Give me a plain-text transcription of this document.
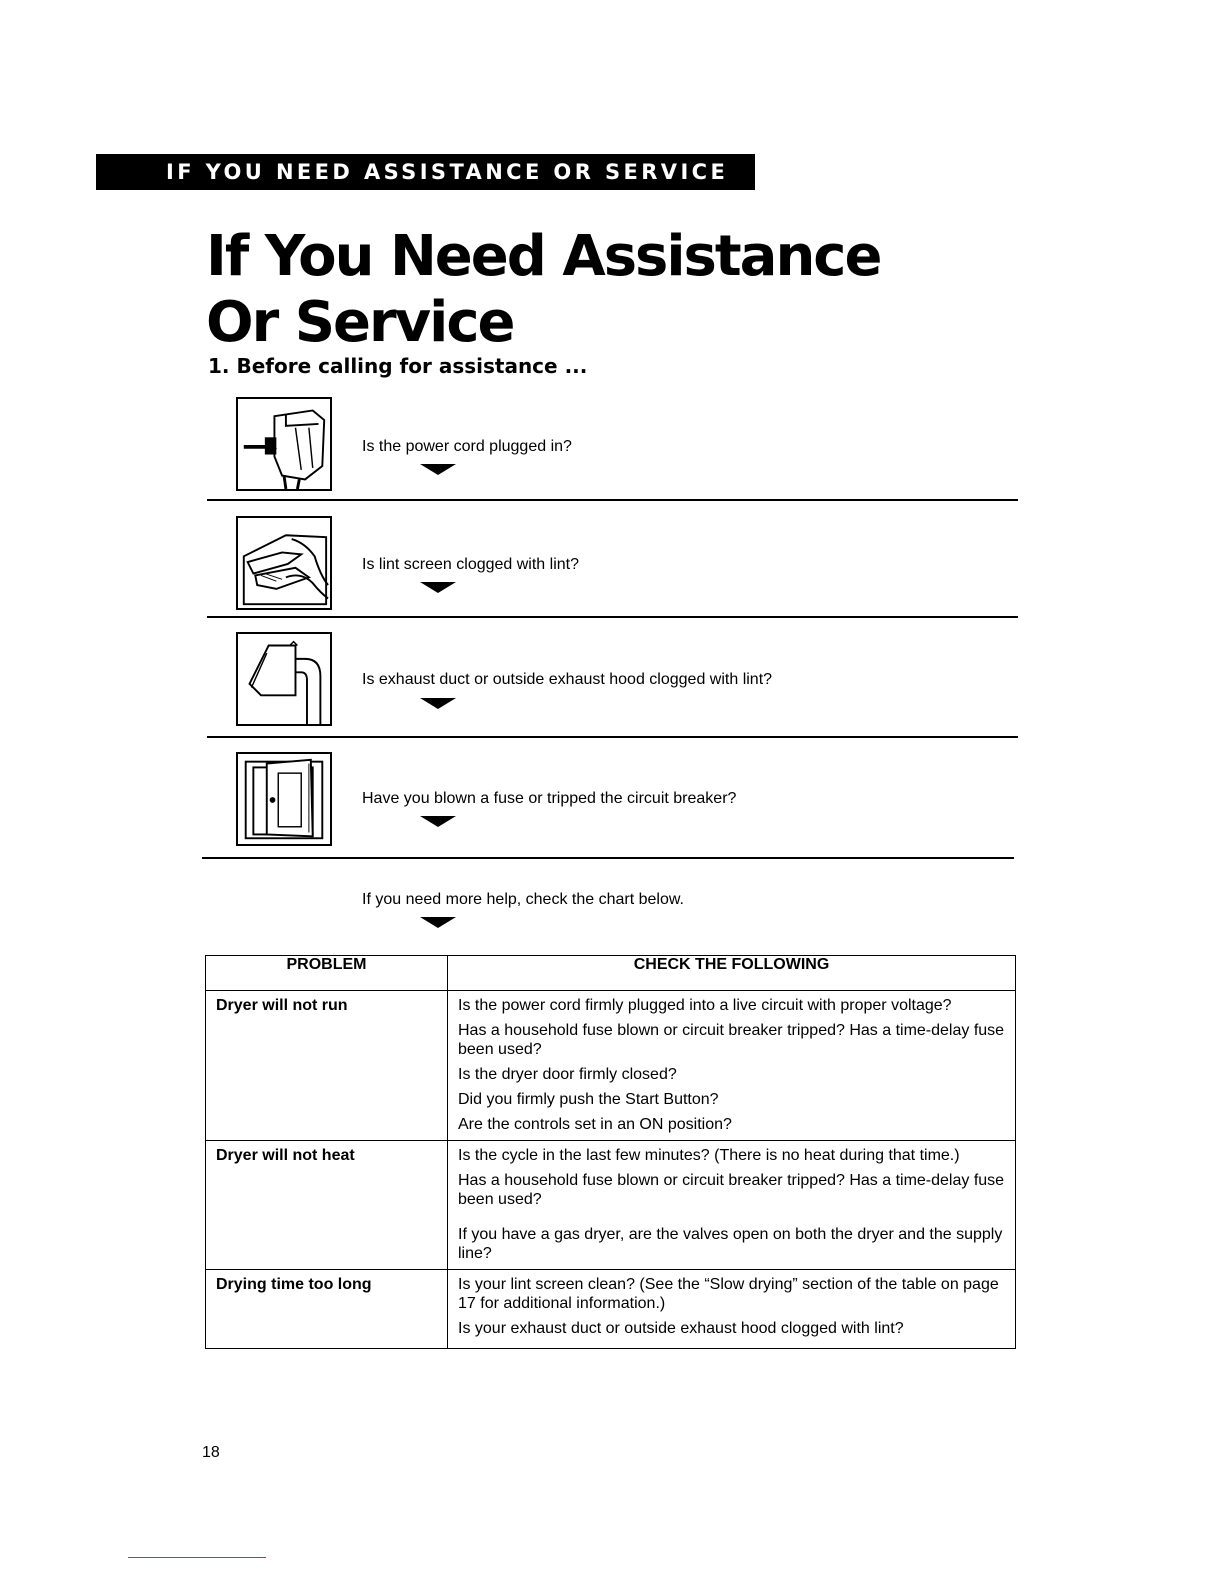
IF YOU NEED ASSISTANCE OR SERVICE
If You Need Assistance
Or Service
1. Before calling for assistance ...
Is the power cord plugged in?
Is lint screen clogged with lint?
Is exhaust duct or outside exhaust hood clogged with lint?
Have you blown a fuse or tripped the circuit breaker?
If you need more help, check the chart below.
PROBLEM	CHECK THE FOLLOWING
Dryer will not run	Is the power cord firmly plugged into a live circuit with proper voltage?

Has a household fuse blown or circuit breaker tripped? Has a time-delay fuse been used?

Is the dryer door firmly closed?

Did you firmly push the Start Button?

Are the controls set in an ON position?

Dryer will not heat	Is the cycle in the last few minutes? (There is no heat during that time.)

Has a household fuse blown or circuit breaker tripped? Has a time-delay fuse been used?

If you have a gas dryer, are the valves open on both the dryer and the supply line?

Drying time too long	Is your lint screen clean? (See the “Slow drying” section of the table on page 17 for additional information.)

Is your exhaust duct or outside exhaust hood clogged with lint?

18
